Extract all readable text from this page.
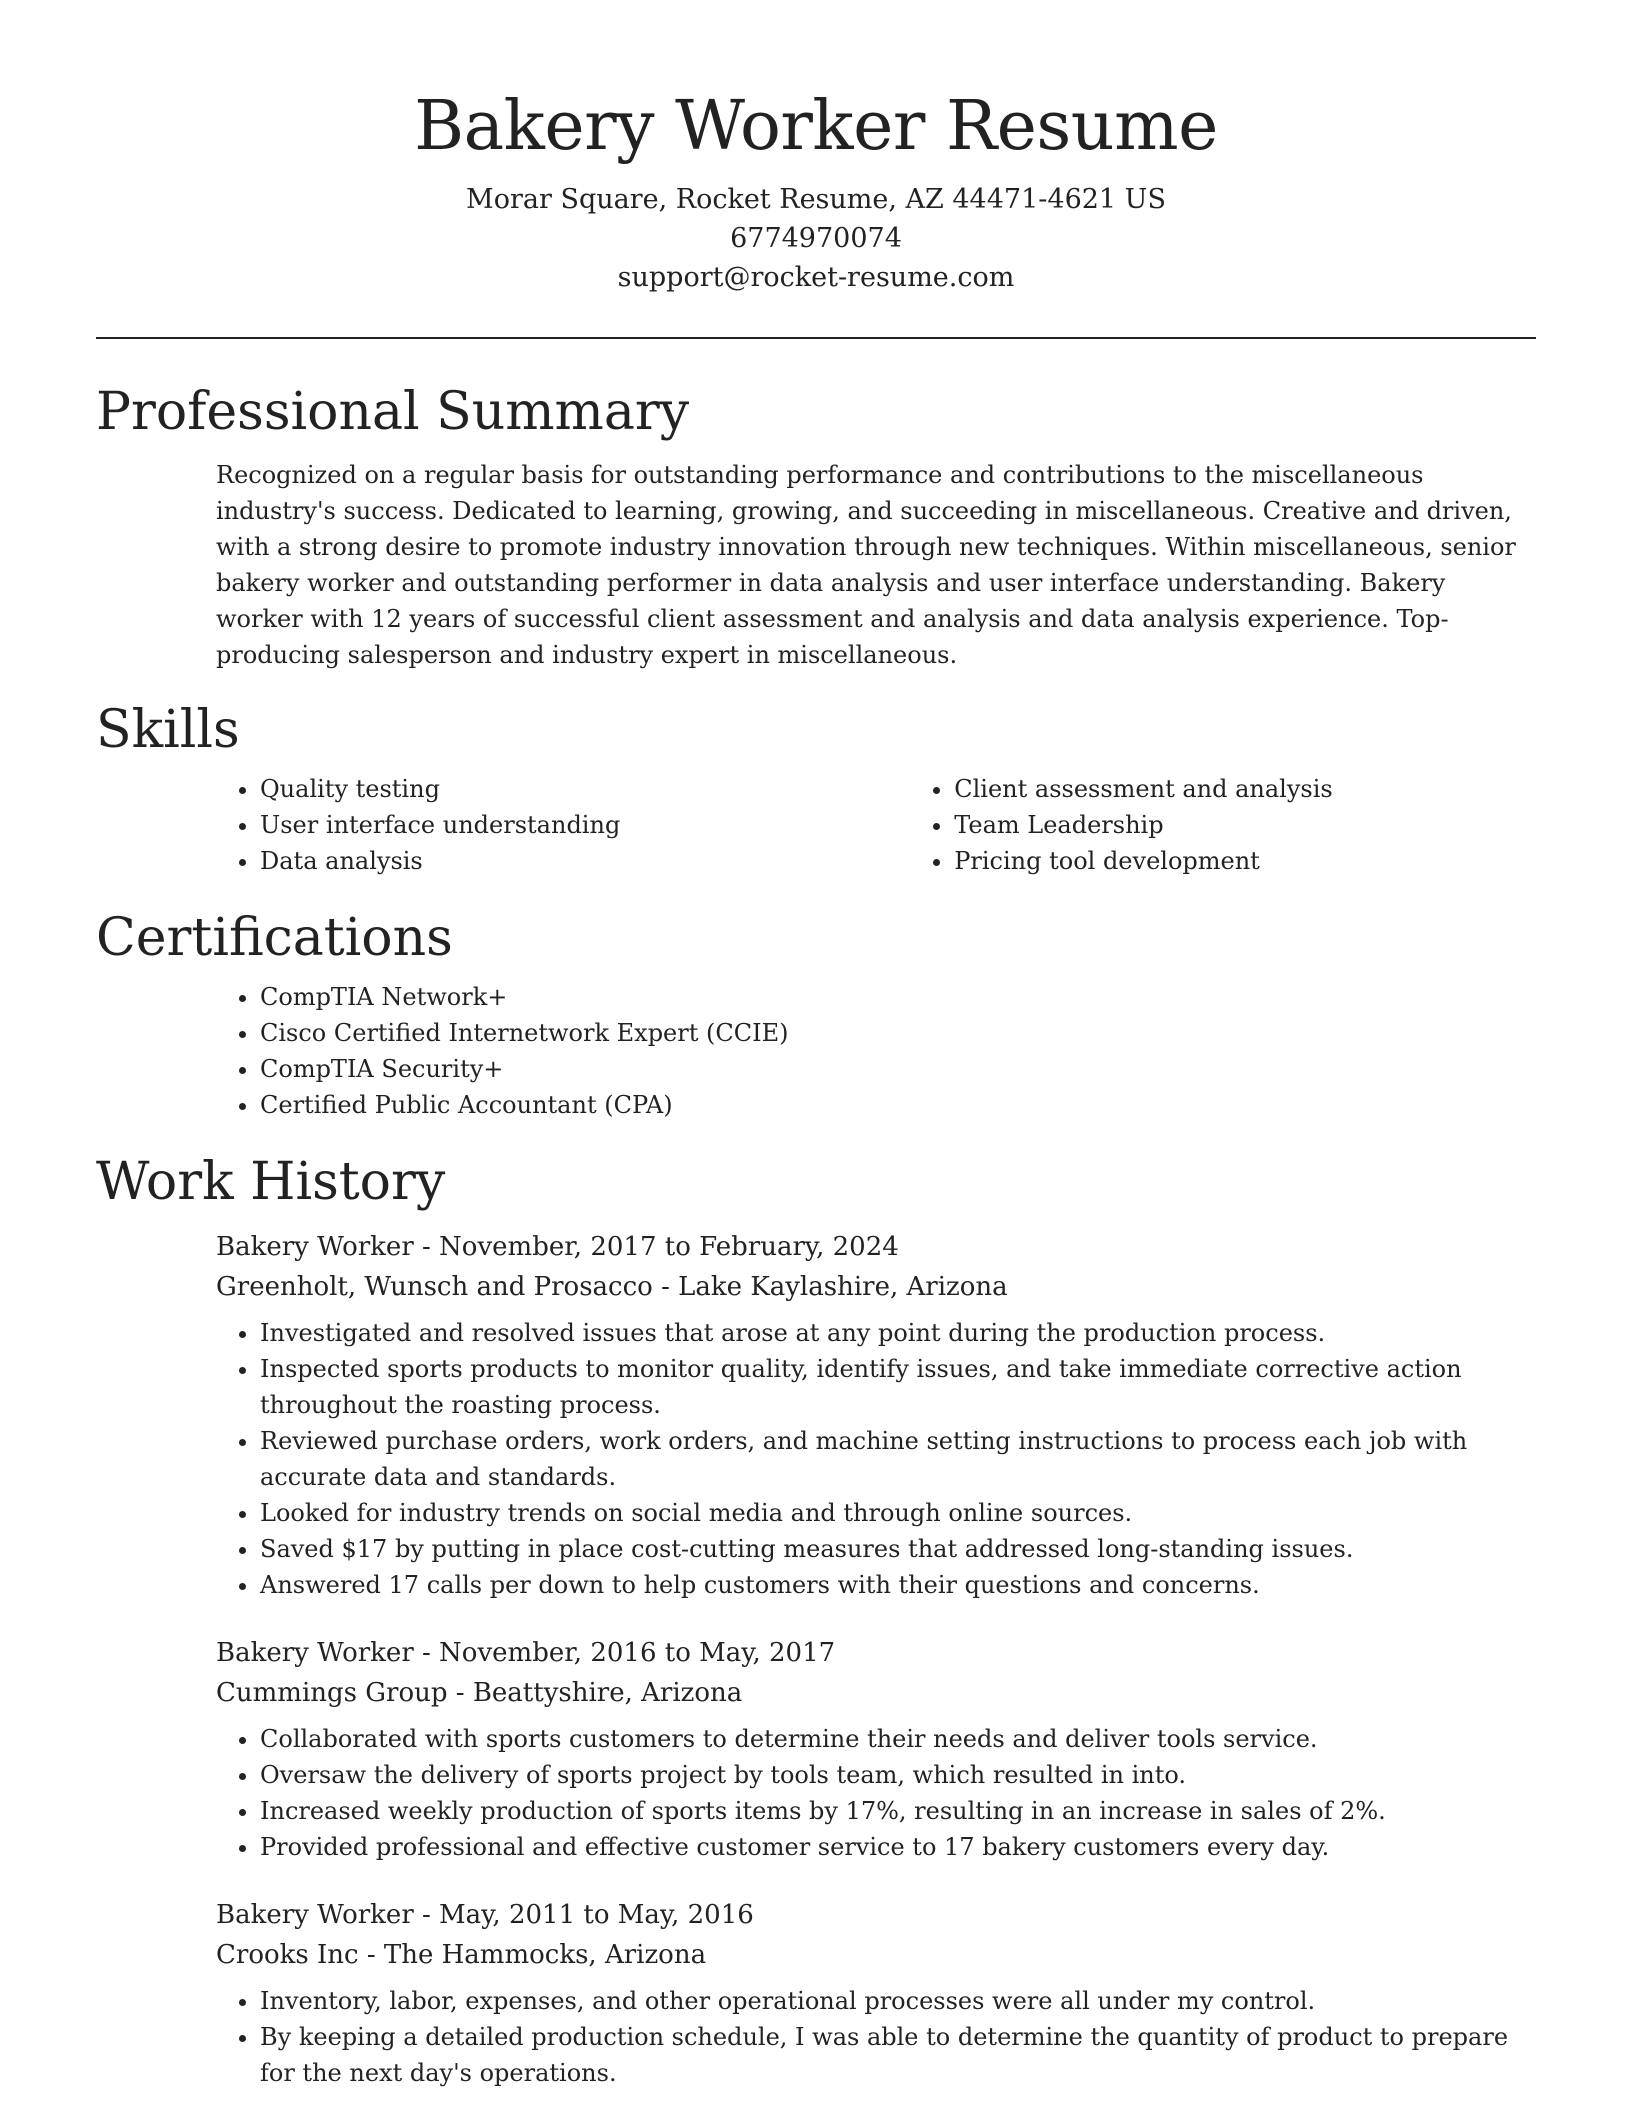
Bakery Worker Resume
Morar Square, Rocket Resume, AZ 44471-4621 US
6774970074
support@rocket-resume.com
Professional Summary

Recognized on a regular basis for outstanding performance and contributions to the miscellaneous industry's success. Dedicated to learning, growing, and succeeding in miscellaneous. Creative and driven, with a strong desire to promote industry innovation through new techniques. Within miscellaneous, senior bakery worker and outstanding performer in data analysis and user interface understanding. Bakery worker with 12 years of successful client assessment and analysis and data analysis experience. Top-producing salesperson and industry expert in miscellaneous.

Skills
• Quality testing
• User interface understanding
• Data analysis
• Client assessment and analysis
• Team Leadership
• Pricing tool development
Certifications
• CompTIA Network+
• Cisco Certified Internetwork Expert (CCIE)
• CompTIA Security+
• Certified Public Accountant (CPA)
Work History
Bakery Worker - November, 2017 to February, 2024
Greenholt, Wunsch and Prosacco - Lake Kaylashire, Arizona
• Investigated and resolved issues that arose at any point during the production process.
• Inspected sports products to monitor quality, identify issues, and take immediate corrective action throughout the roasting process.
• Reviewed purchase orders, work orders, and machine setting instructions to process each job with accurate data and standards.
• Looked for industry trends on social media and through online sources.
• Saved $17 by putting in place cost-cutting measures that addressed long-standing issues.
• Answered 17 calls per down to help customers with their questions and concerns.
Bakery Worker - November, 2016 to May, 2017
Cummings Group - Beattyshire, Arizona
• Collaborated with sports customers to determine their needs and deliver tools service.
• Oversaw the delivery of sports project by tools team, which resulted in into.
• Increased weekly production of sports items by 17%, resulting in an increase in sales of 2%.
• Provided professional and effective customer service to 17 bakery customers every day.
Bakery Worker - May, 2011 to May, 2016
Crooks Inc - The Hammocks, Arizona
• Inventory, labor, expenses, and other operational processes were all under my control.
• By keeping a detailed production schedule, I was able to determine the quantity of product to prepare for the next day's operations.
